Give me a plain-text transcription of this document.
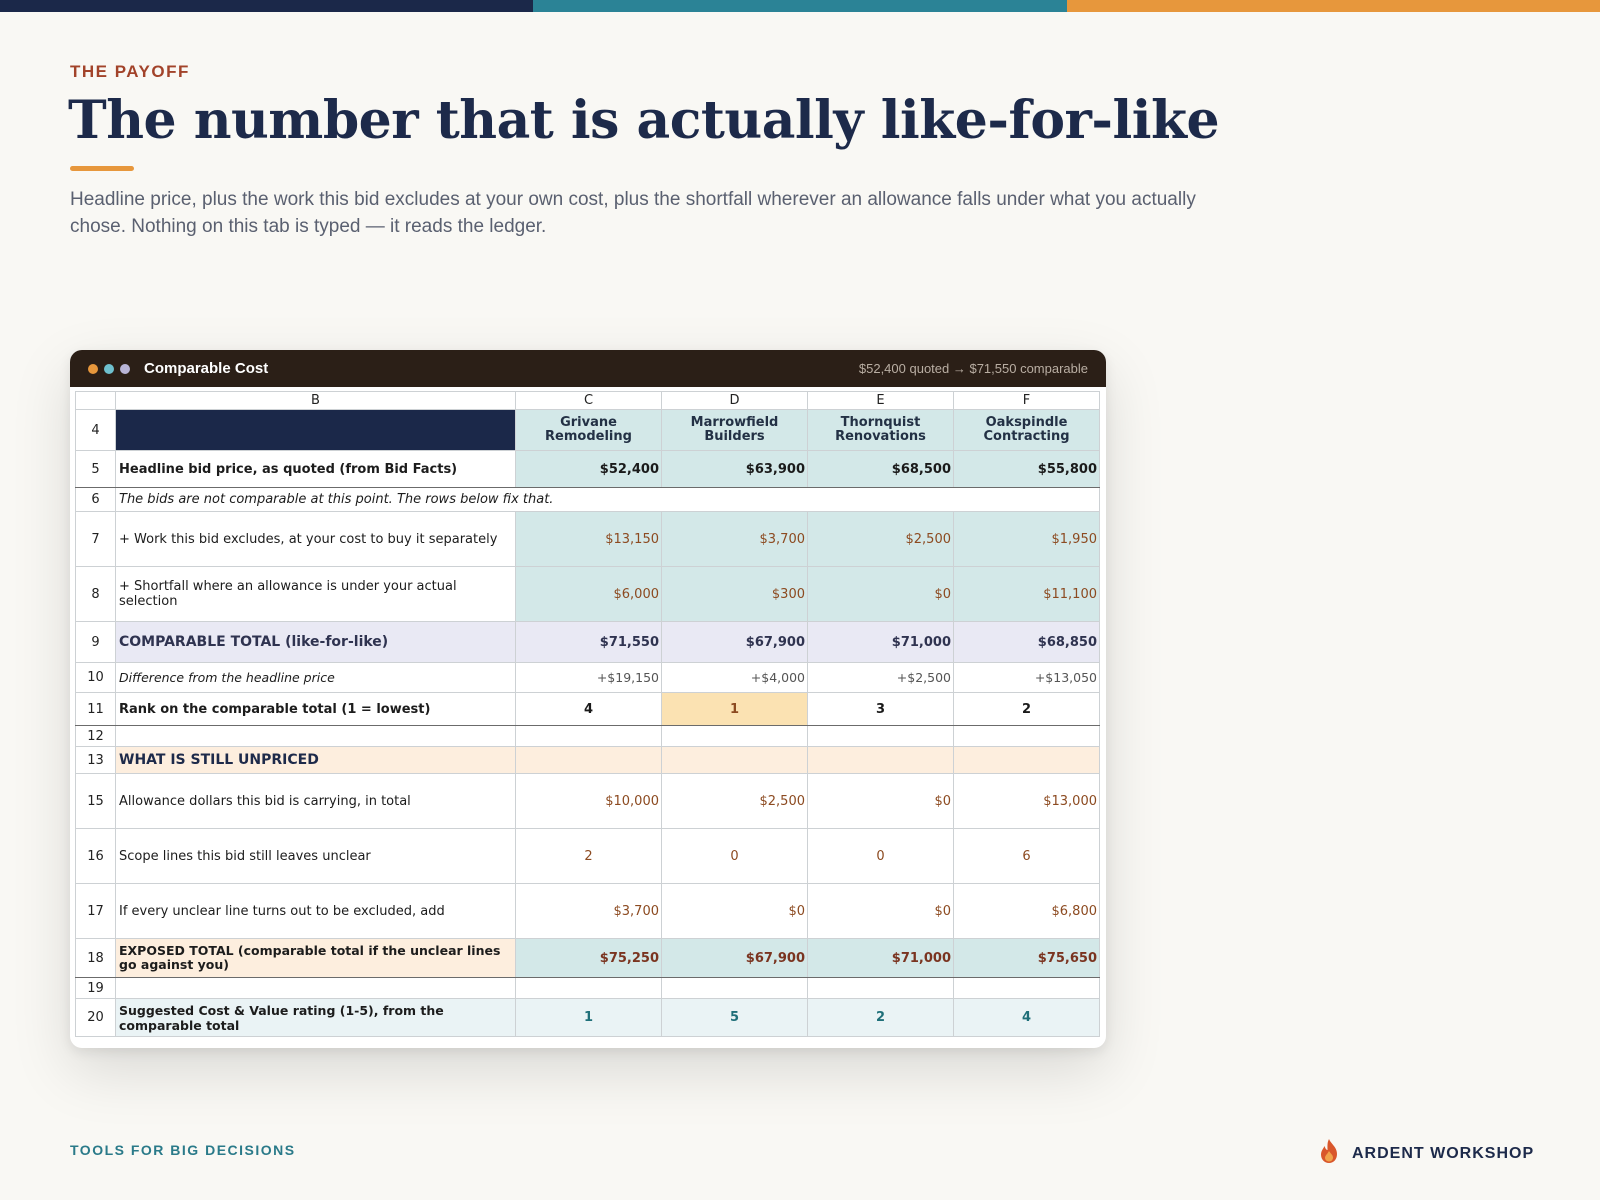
THE PAYOFF
The number that is actually like-for-like
Headline price, plus the work this bid excludes at your own cost, plus the shortfall wherever an allowance falls under what you actually chose. Nothing on this tab is typed — it reads the ledger.
Comparable Cost	$52,400 quoted → $71,550 comparable
	B	C	D	E	F
4		Grivane Remodeling	Marrowfield Builders	Thornquist Renovations	Oakspindle Contracting
5	Headline bid price, as quoted (from Bid Facts)	$52,400	$63,900	$68,500	$55,800
6	The bids are not comparable at this point. The rows below fix that.				
7	+ Work this bid excludes, at your cost to buy it separately	$13,150	$3,700	$2,500	$1,950
8	+ Shortfall where an allowance is under your actual selection	$6,000	$300	$0	$11,100
9	COMPARABLE TOTAL (like-for-like)	$71,550	$67,900	$71,000	$68,850
10	Difference from the headline price	+$19,150	+$4,000	+$2,500	+$13,050
11	Rank on the comparable total (1 = lowest)	4	1	3	2
12					
13	WHAT IS STILL UNPRICED				
15	Allowance dollars this bid is carrying, in total	$10,000	$2,500	$0	$13,000
16	Scope lines this bid still leaves unclear	2	0	0	6
17	If every unclear line turns out to be excluded, add	$3,700	$0	$0	$6,800
18	EXPOSED TOTAL (comparable total if the unclear lines go against you)	$75,250	$67,900	$71,000	$75,650
19					
20	Suggested Cost & Value rating (1-5), from the comparable total	1	5	2	4
TOOLS FOR BIG DECISIONS	ARDENT WORKSHOP
